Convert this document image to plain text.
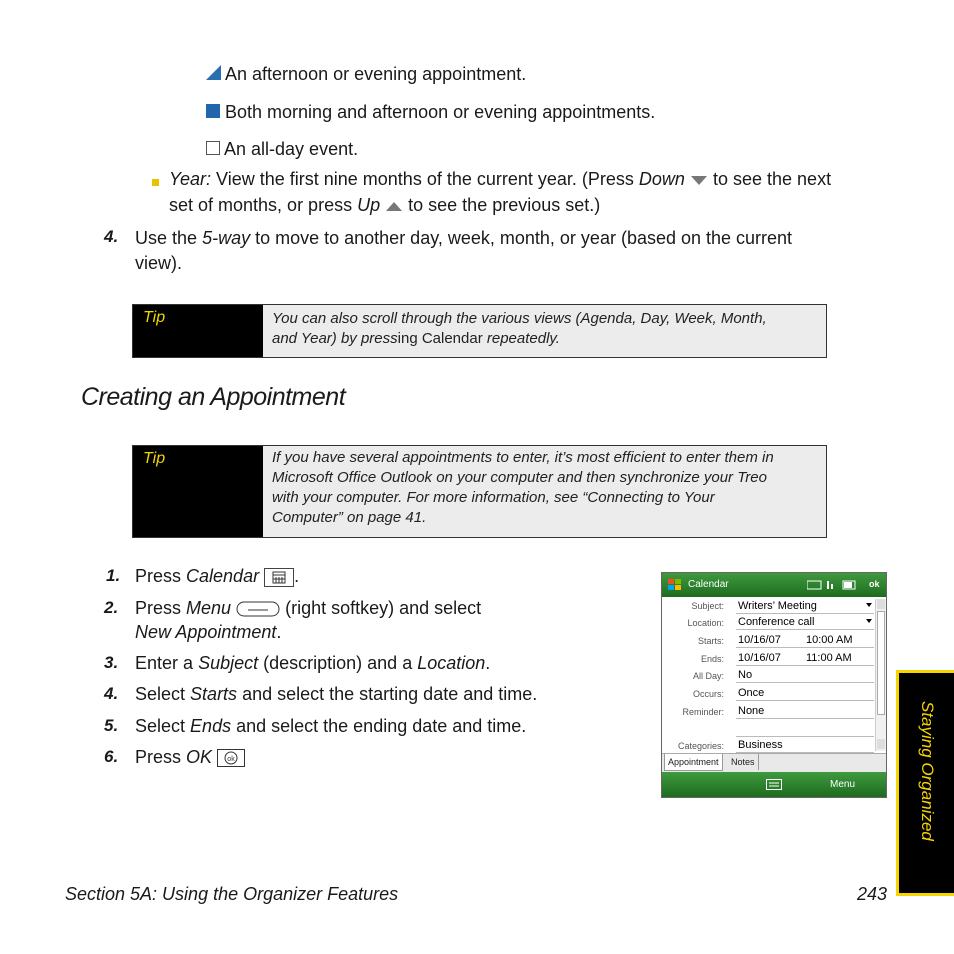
An afternoon or evening appointment.
Both morning and afternoon or evening appointments.
An all-day event.
Year: View the first nine months of the current year. (Press Down to see the next
set of months, or press Up to see the previous set.)
4. Use the 5-way to move to another day, week, month, or year (based on the current
view).
Tip	You can also scroll through the various views (Agenda, Day, Week, Month,
and Year) by pressing Calendar repeatedly.
Creating an Appointment
Tip	If you have several appointments to enter, it’s most efficient to enter them in
Microsoft Office Outlook on your computer and then synchronize your Treo
with your computer. For more information, see “Connecting to Your
Computer” on page 41.
1. Press Calendar .
2. Press Menu	(right softkey) and select
New Appointment.
3. Enter a Subject (description) and a Location.
4. Select Starts and select the starting date and time.
5. Select Ends and select the ending date and time.
6. Press OK ok
Calendar	ok
Subject: Writers’ Meeting
Location: Conference call
Starts: 10/16/07 10:00 AM
Ends: 10/16/07 11:00 AM
All Day: No
Occurs: Once
Reminder: None
Categories: Business
Appointment	Notes
Menu	Staying Organized
Section 5A: Using the Organizer Features	243
